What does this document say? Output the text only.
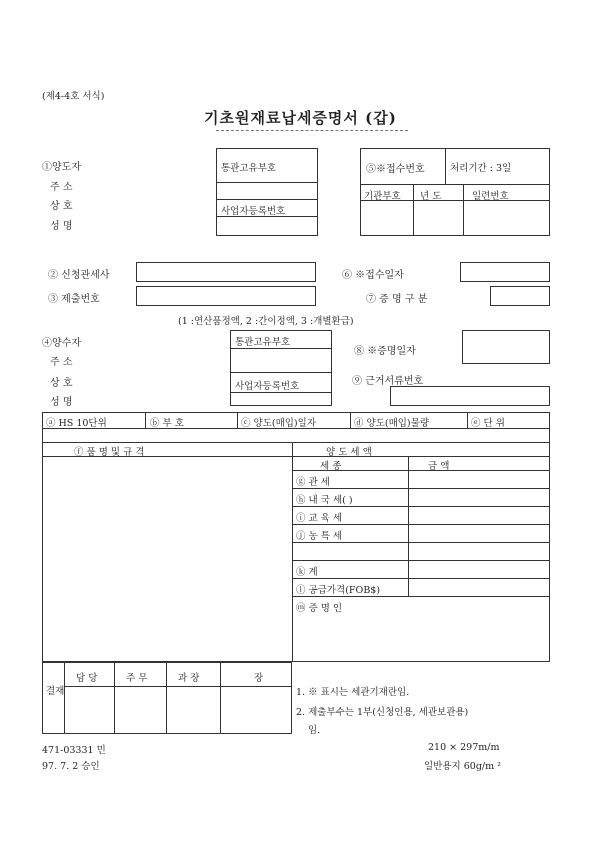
(제4-4호 서식)
기초원재료납세증명서 (갑)
①양도자
주 소
상 호
성 명
통관고유부호
사업자등록번호
⑤※접수번호	처리기간 : 3일
기관부호 년 도	일련번호
② 신청관세사
③ 제출번호
⑥ ※접수일자
⑦ 증 명 구 분
(1 :연산품정액, 2 :간이정액, 3 :개별환급)
④양수자
주 소
상 호
성 명
통관고유부호
사업자등록번호
⑧ ※증명일자
⑨ 근거서류번호
ⓐ HS 10단위	ⓑ 부 호	ⓒ 양도(매입)일자	ⓓ 양도(매입)물량	ⓔ 단 위
ⓕ 품 명 및 규 격	양 도 세 액
세 종	금 액
ⓖ 관 세
ⓗ 내 국 세( )
ⓘ 교 육 세
ⓙ 농 특 세
ⓚ 계
ⓛ 공급가격(FOB$)
ⓜ 증 명 인
결재
담 당	주 무	과 장	장
1. ※ 표시는 세관기재란임.
2. 제출부수는 1부(신청인용, 세관보관용)
임.
471-03331 민
97. 7. 2 승인
210 × 297m/m
일반용지 60g/m ²
